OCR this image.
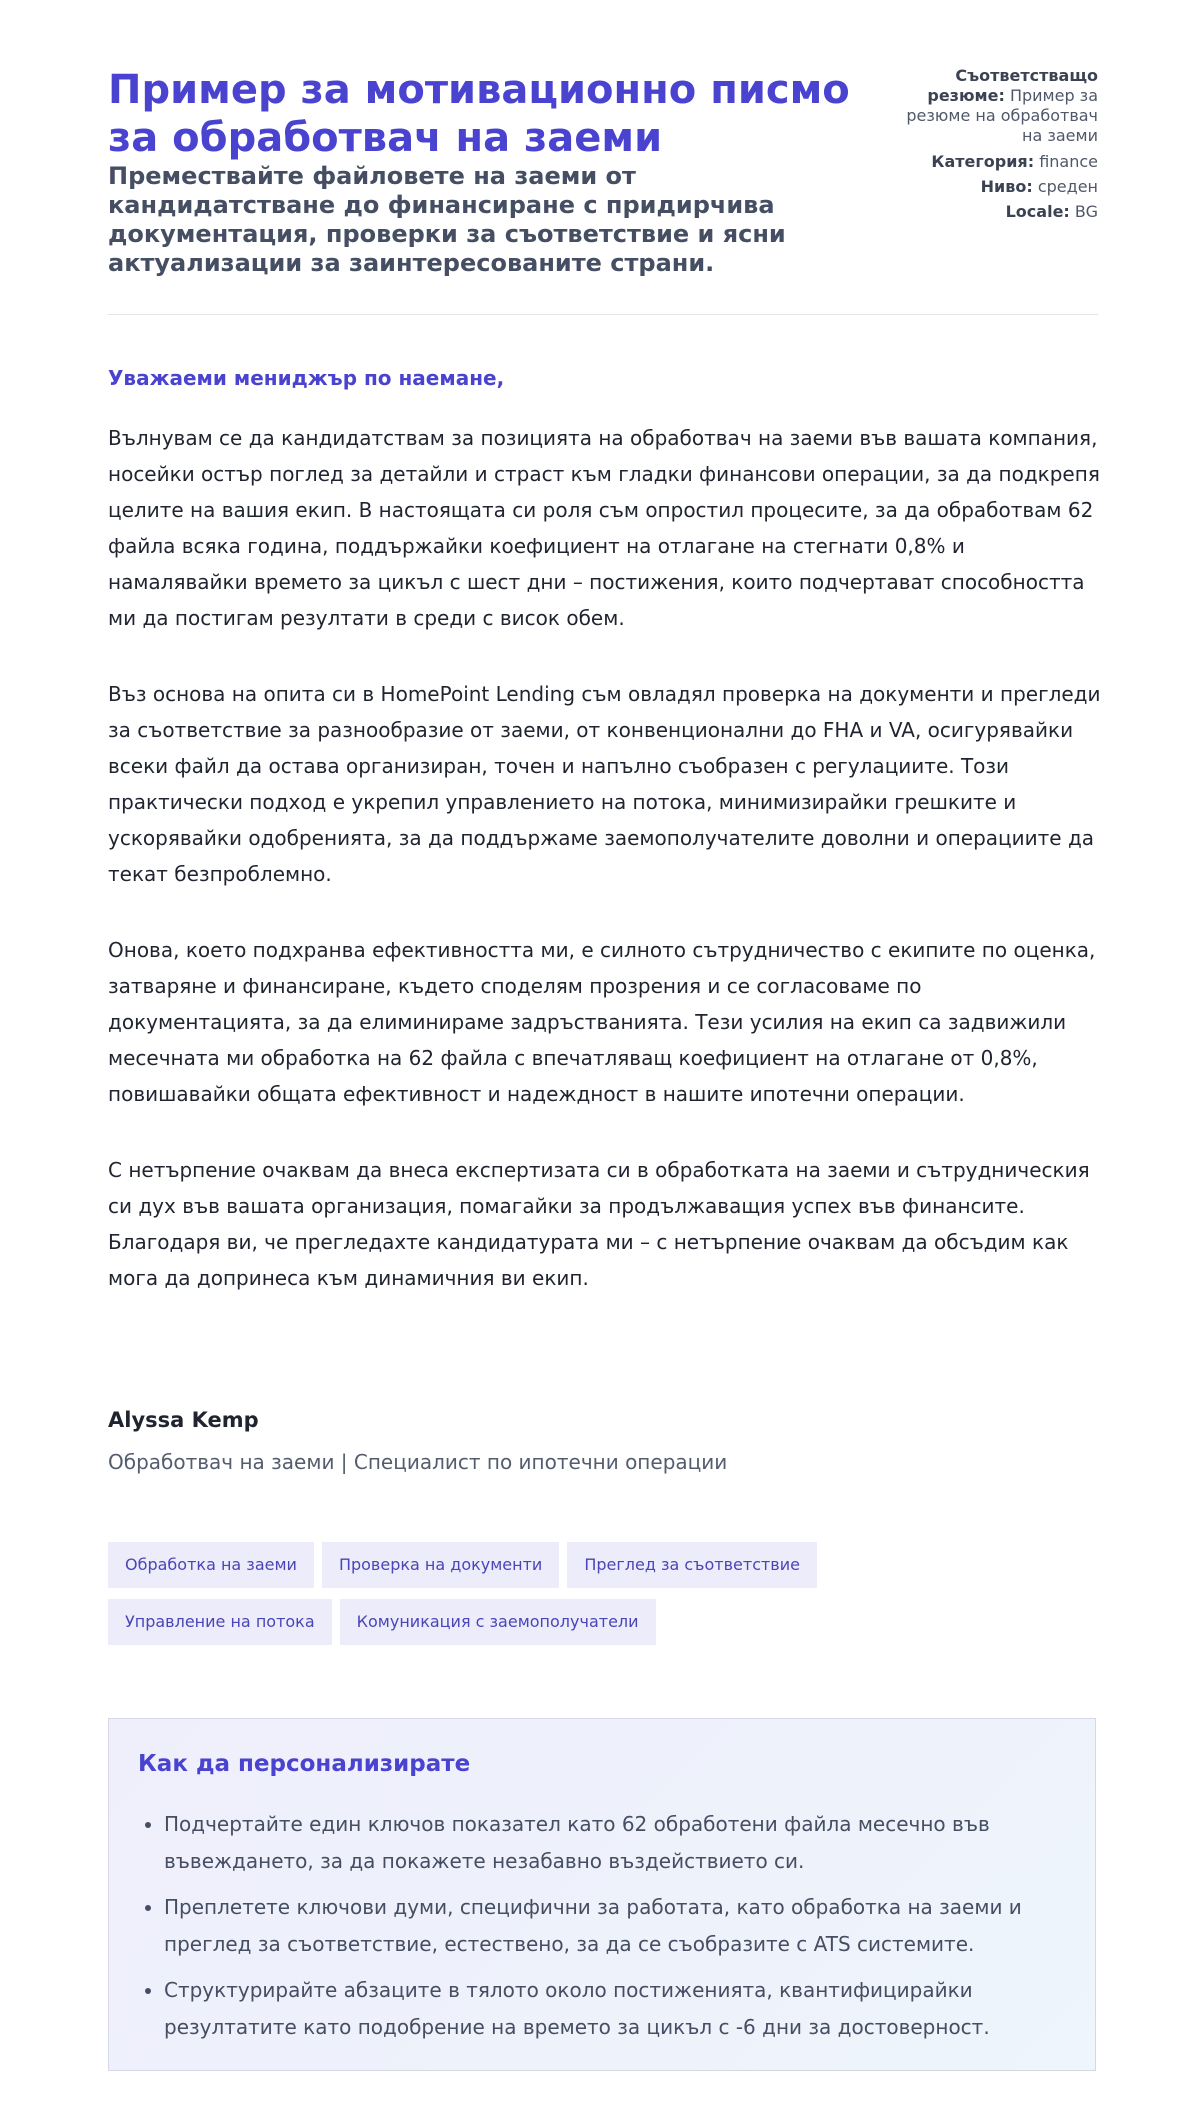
Пример за мотивационно писмо за обработвач на заеми
Премествайте файловете на заеми от кандидатстване до финансиране с придирчива документация, проверки за съответствие и ясни актуализации за заинтересованите страни.
Съответстващо резюме: Пример за резюме на обработвач на заеми
Категория: finance
Ниво: среден
Locale: BG
Уважаеми мениджър по наемане,

Вълнувам се да кандидатствам за позицията на обработвач на заеми във вашата компания, носейки остър поглед за детайли и страст към гладки финансови операции, за да подкрепя целите на вашия екип. В настоящата си роля съм опростил процесите, за да обработвам 62 файла всяка година, поддържайки коефициент на отлагане на стегнати 0,8% и намалявайки времето за цикъл с шест дни – постижения, които подчертават способността ми да постигам резултати в среди с висок обем.

Въз основа на опита си в HomePoint Lending съм овладял проверка на документи и прегледи за съответствие за разнообразие от заеми, от конвенционални до FHA и VA, осигурявайки всеки файл да остава организиран, точен и напълно съобразен с регулациите. Този практически подход е укрепил управлението на потока, минимизирайки грешките и ускорявайки одобренията, за да поддържаме заемополучателите доволни и операциите да текат безпроблемно.

Онова, което подхранва ефективността ми, е силното сътрудничество с екипите по оценка, затваряне и финансиране, където споделям прозрения и се согласоваме по документацията, за да елиминираме задръстванията. Тези усилия на екип са задвижили месечната ми обработка на 62 файла с впечатляващ коефициент на отлагане от 0,8%, повишавайки общата ефективност и надеждност в нашите ипотечни операции.

С нетърпение очаквам да внеса експертизата си в обработката на заеми и сътрудническия си дух във вашата организация, помагайки за продължаващия успех във финансите. Благодаря ви, че прегледахте кандидатурата ми – с нетърпение очаквам да обсъдим как мога да допринеса към динамичния ви екип.

Alyssa Kemp

Обработвач на заеми | Специалист по ипотечни операции

Обработка на заеми	Проверка на документи	Преглед за съответствие
Управление на потока	Комуникация с заемополучатели
Как да персонализирате
• Подчертайте един ключов показател като 62 обработени файла месечно във въвеждането, за да покажете незабавно въздействието си.
• Преплетете ключови думи, специфични за работата, като обработка на заеми и преглед за съответствие, естествено, за да се съобразите с ATS системите.
• Структурирайте абзаците в тялото около постиженията, квантифицирайки резултатите като подобрение на времето за цикъл с -6 дни за достоверност.
